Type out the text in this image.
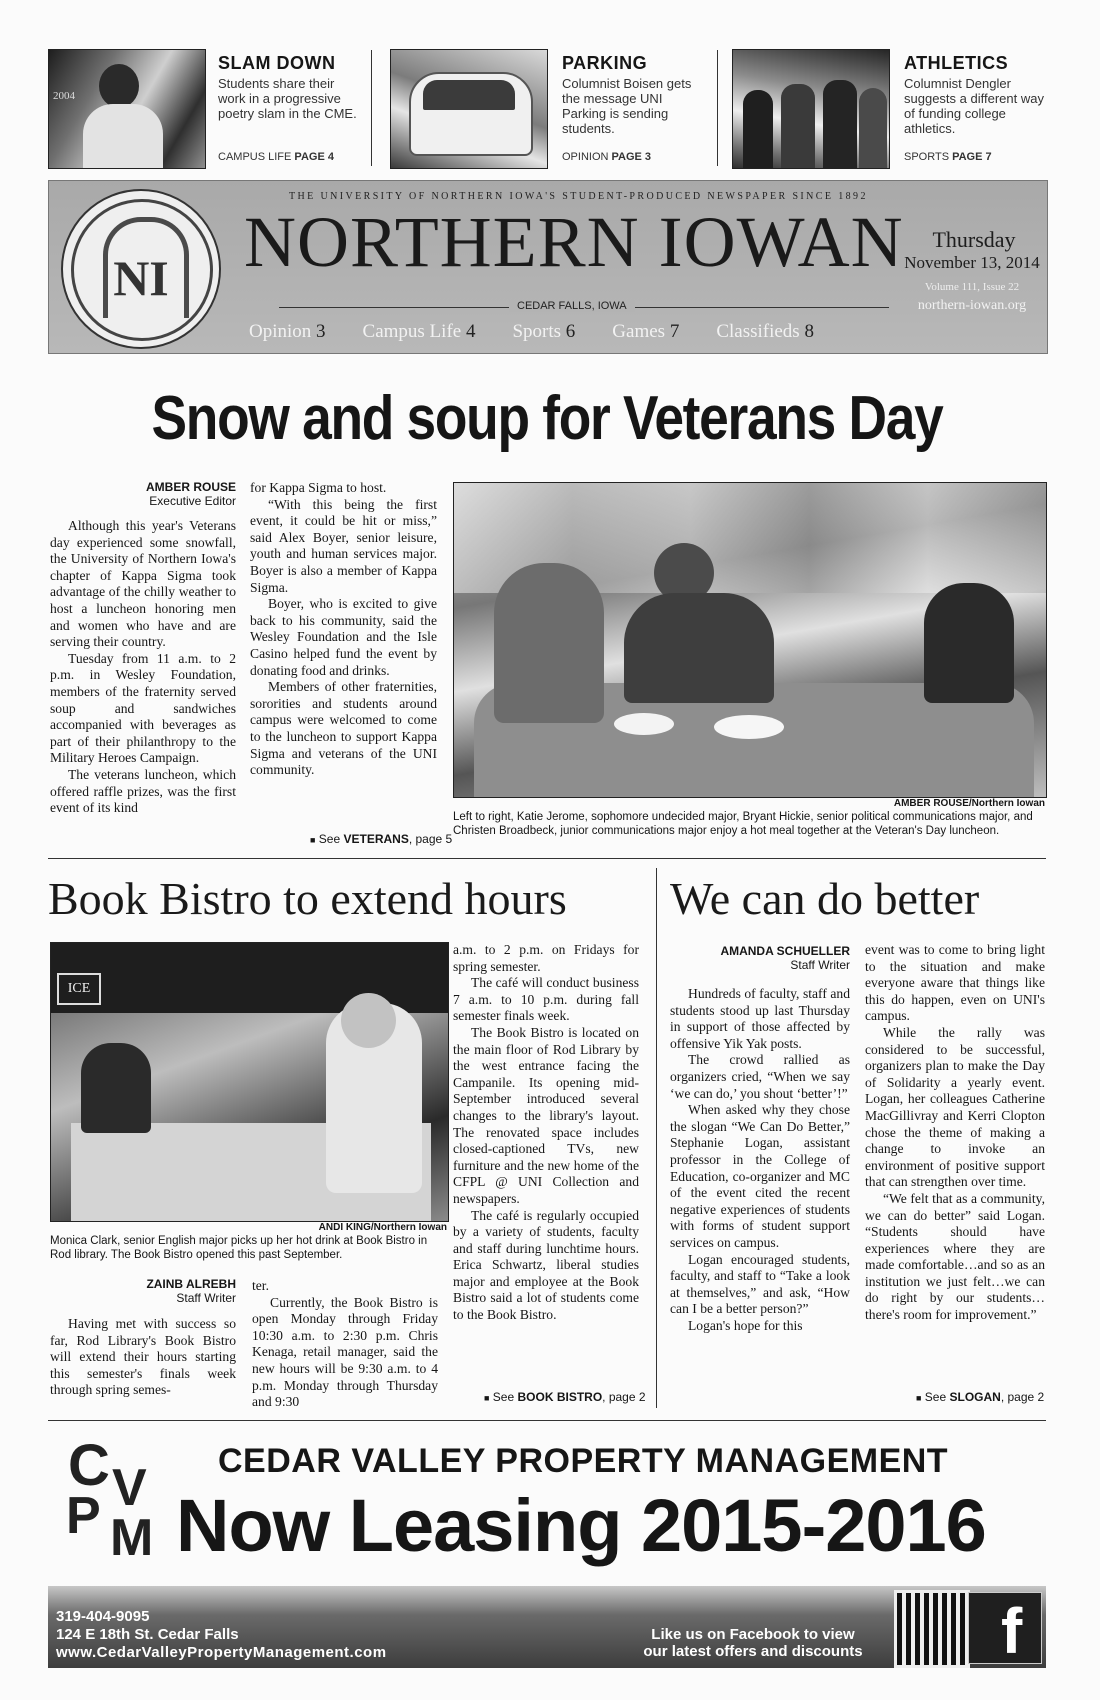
2004
SLAM DOWN
Students share their work in a progressive poetry slam in the CME.
CAMPUS LIFE PAGE 4
PARKING
Columnist Boisen gets the message UNI Parking is sending students.
OPINION PAGE 3
ATHLETICS
Columnist Dengler suggests a different way of funding college athletics.
SPORTS PAGE 7
THE UNIVERSITY OF NORTHERN IOWA'S STUDENT-PRODUCED NEWSPAPER SINCE 1892
NI NORTHERN IOWAN
CEDAR FALLS, IOWA
Thursday
November 13, 2014
Volume 111, Issue 22
northern-iowan.org
Opinion 3 Campus Life 4 Sports 6 Games 7 Classifieds 8
Snow and soup for Veterans Day
AMBER ROUSE
Executive Editor

Although this year's Veterans day experienced some snowfall, the University of Northern Iowa's chapter of Kappa Sigma took advantage of the chilly weather to host a luncheon honoring men and women who have and are serving their country.

Tuesday from 11 a.m. to 2 p.m. in Wesley Foundation, members of the fraternity served soup and sandwiches accompanied with beverages as part of their philanthropy to the Military Heroes Campaign.

The veterans luncheon, which offered raffle prizes, was the first event of its kind

for Kappa Sigma to host.

“With this being the first event, it could be hit or miss,” said Alex Boyer, senior leisure, youth and human services major. Boyer is also a member of Kappa Sigma.

Boyer, who is excited to give back to his community, said the Wesley Foundation and the Isle Casino helped fund the event by donating food and drinks.

Members of other fraternities, sororities and students around campus were welcomed to come to the luncheon to support Kappa Sigma and veterans of the UNI community.

■ See VETERANS, page 5
AMBER ROUSE/Northern Iowan
Left to right, Katie Jerome, sophomore undecided major, Bryant Hickie, senior political communications major, and Christen Broadbeck, junior communications major enjoy a hot meal together at the Veteran's Day luncheon.
Book Bistro to extend hours
ICE
ANDI KING/Northern Iowan
Monica Clark, senior English major picks up her hot drink at Book Bistro in Rod library. The Book Bistro opened this past September.
ZAINB ALREBH
Staff Writer

Having met with success so far, Rod Library's Book Bistro will extend their hours starting this semester's finals week through spring semes-

ter.

Currently, the Book Bistro is open Monday through Friday 10:30 a.m. to 2:30 p.m. Chris Kenaga, retail manager, said the new hours will be 9:30 a.m. to 4 p.m. Monday through Thursday and 9:30

a.m. to 2 p.m. on Fridays for spring semester.

The café will conduct business 7 a.m. to 10 p.m. during fall semester finals week.

The Book Bistro is located on the main floor of Rod Library by the west entrance facing the Campanile. Its opening mid-September introduced several changes to the library's layout. The renovated space includes closed-captioned TVs, new furniture and the new home of the CFPL @ UNI Collection and newspapers.

The café is regularly occupied by a variety of students, faculty and staff during lunchtime hours. Erica Schwartz, liberal studies major and employee at the Book Bistro said a lot of students come to the Book Bistro.

■ See BOOK BISTRO, page 2
We can do better
AMANDA SCHUELLER
Staff Writer

Hundreds of faculty, staff and students stood up last Thursday in support of those affected by offensive Yik Yak posts.

The crowd rallied as organizers cried, “When we say ‘we can do,’ you shout ‘better’!”

When asked why they chose the slogan “We Can Do Better,” Stephanie Logan, assistant professor in the College of Education, co-organizer and MC of the event cited the recent negative experiences of students with forms of student support services on campus.

Logan encouraged students, faculty, and staff to “Take a look at themselves,” and ask, “How can I be a better person?”

Logan's hope for this

event was to come to bring light to the situation and make everyone aware that things like this do happen, even on UNI's campus.

While the rally was considered to be successful, organizers plan to make the Day of Solidarity a yearly event. Logan, her colleagues Catherine MacGillivray and Kerri Clopton chose the theme of making a change to invoke an environment of positive support that can strengthen over time.

“We felt that as a community, we can do better” said Logan. “Students should have experiences where they are made comfortable…and so as an institution we just felt…we can do right by our students… there's room for improvement.”

■ See SLOGAN, page 2
C V
P M
CEDAR VALLEY PROPERTY MANAGEMENT
Now Leasing 2015-2016
319-404-9095
124 E 18th St. Cedar Falls
www.CedarValleyPropertyManagement.com
Like us on Facebook to view
our latest offers and discounts	f
